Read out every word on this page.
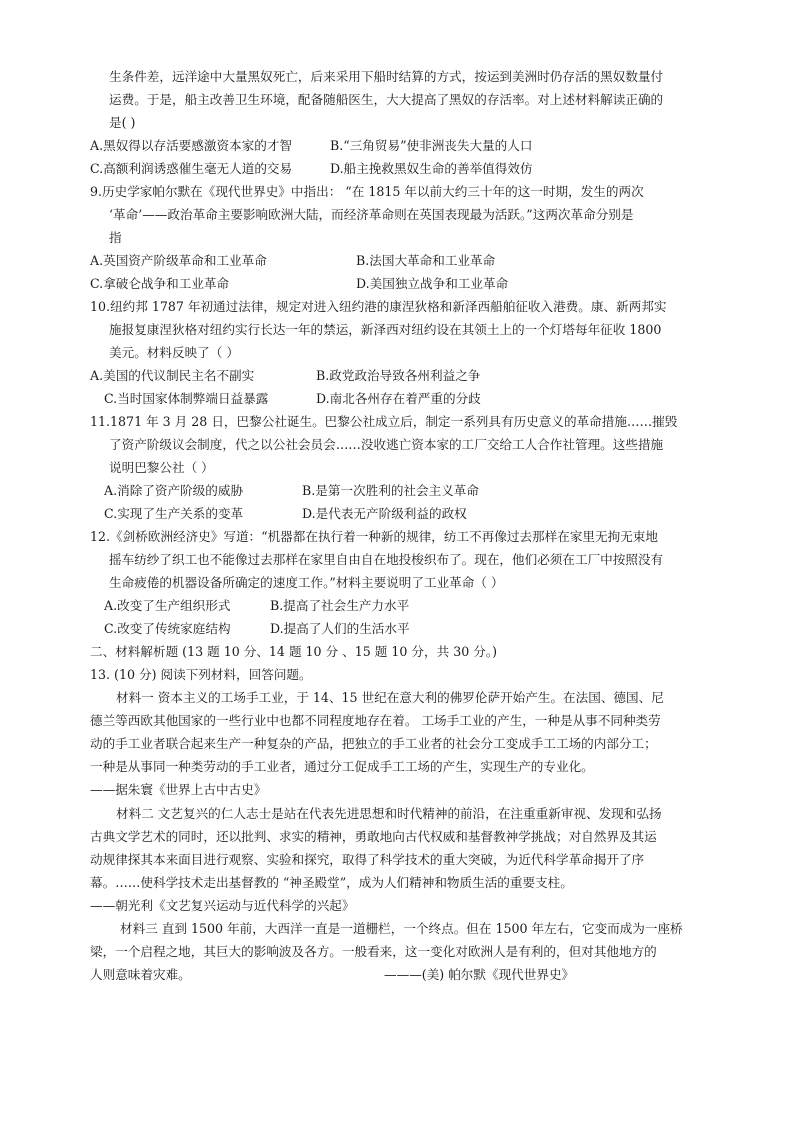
生条件差，远洋途中大量黑奴死亡，后来采用下船时结算的方式，按运到美洲时仍存活的黑奴数量付
运费。于是，船主改善卫生环境，配备随船医生，大大提高了黑奴的存活率。对上述材料解读正确的
是( )
A.黑奴得以存活要感激资本家的才智	B.“三角贸易”使非洲丧失大量的人口
C.高额利润诱惑催生毫无人道的交易	D.船主挽救黑奴生命的善举值得效仿
9.历史学家帕尔默在《现代世界史》中指出： “在 1815 年以前大约三十年的这一时期，发生的两次
‘革命’——政治革命主要影响欧洲大陆，而经济革命则在英国表现最为活跃。”这两次革命分别是
指
A.英国资产阶级革命和工业革命	B.法国大革命和工业革命
C.拿破仑战争和工业革命	D.美国独立战争和工业革命
10.纽约邦 1787 年初通过法律，规定对进入纽约港的康涅狄格和新泽西船舶征收入港费。康、新两邦实
施报复康涅狄格对纽约实行长达一年的禁运，新泽西对纽约设在其领土上的一个灯塔每年征收 1800
美元。材料反映了（ ）
A.美国的代议制民主名不副实	B.政党政治导致各州利益之争
C.当时国家体制弊端日益暴露	D.南北各州存在着严重的分歧
11.1871 年 3 月 28 日，巴黎公社诞生。巴黎公社成立后，制定一系列具有历史意义的革命措施……摧毁
了资产阶级议会制度，代之以公社会员会……没收逃亡资本家的工厂交给工人合作社管理。这些措施
说明巴黎公社（ ）
A.消除了资产阶级的威胁	B.是第一次胜利的社会主义革命
C.实现了生产关系的变革	D.是代表无产阶级利益的政权
12.《剑桥欧洲经济史》写道：“机器都在执行着一种新的规律，纺工不再像过去那样在家里无拘无束地
摇车纺纱了织工也不能像过去那样在家里自由自在地投梭织布了。现在，他们必须在工厂中按照没有
生命疲倦的机器设备所确定的速度工作。”材料主要说明了工业革命（ ）
A.改变了生产组织形式	B.提高了社会生产力水平
C.改变了传统家庭结构	D.提高了人们的生活水平
二、材料解析题 (13 题 10 分、14 题 10 分 、15 题 10 分，共 30 分。)
13. (10 分) 阅读下列材料，回答问题。
材料一 资本主义的工场手工业，于 14、15 世纪在意大利的佛罗伦萨开始产生。在法国、德国、尼
德兰等西欧其他国家的一些行业中也都不同程度地存在着。 工场手工业的产生，一种是从事不同种类劳
动的手工业者联合起来生产一种复杂的产品，把独立的手工业者的社会分工变成手工工场的内部分工；
一种是从事同一种类劳动的手工业者，通过分工促成手工工场的产生，实现生产的专业化。
——据朱寰《世界上古中古史》
材料二 文艺复兴的仁人志士是站在代表先进思想和时代精神的前沿，在注重重新审视、发现和弘扬
古典文学艺术的同时，还以批判、求实的精神，勇敢地向古代权威和基督教神学挑战；对自然界及其运
动规律探其本来面目进行观察、实验和探究，取得了科学技术的重大突破，为近代科学革命揭开了序
幕。……使科学技术走出基督教的 “神圣殿堂”，成为人们精神和物质生活的重要支柱。
——朝光利《文艺复兴运动与近代科学的兴起》
材料三 直到 1500 年前，大西洋一直是一道栅栏，一个终点。但在 1500 年左右，它变而成为一座桥
梁，一个启程之地，其巨大的影响波及各方。一般看来，这一变化对欧洲人是有利的，但对其他地方的
人则意味着灾难。	———(美) 帕尔默《现代世界史》
